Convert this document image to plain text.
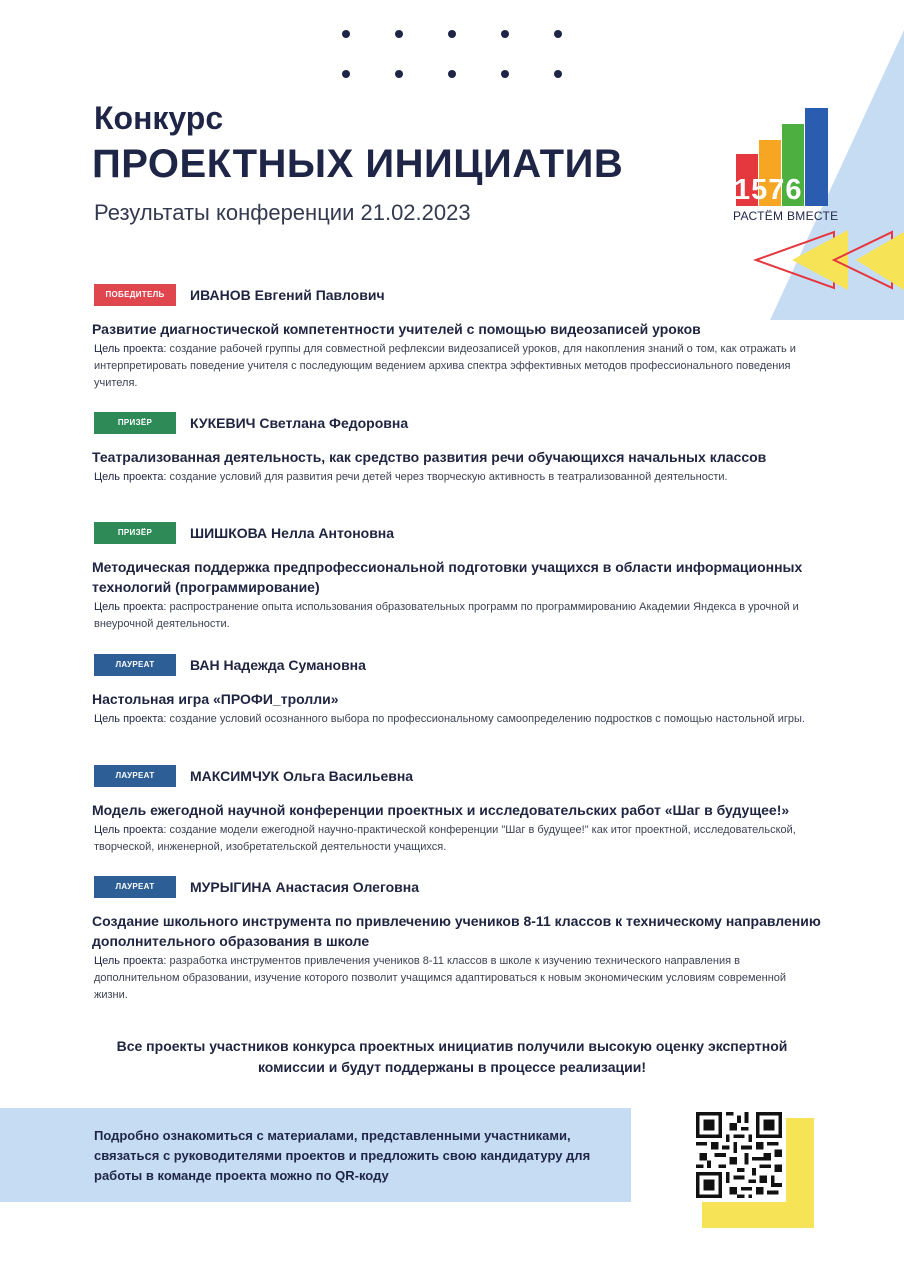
Конкурс
ПРОЕКТНЫХ ИНИЦИАТИВ
Результаты конференции 21.02.2023
1576
РАСТЁМ ВМЕСТЕ
ПОБЕДИТЕЛЬ ИВАНОВ Евгений Павлович
Развитие диагностической компетентности учителей с помощью видеозаписей уроков
Цель проекта: создание рабочей группы для совместной рефлексии видеозаписей уроков, для накопления знаний о том, как отражать и интерпретировать поведение учителя с последующим ведением архива спектра эффективных методов профессионального поведения учителя.
ПРИЗЁР	КУКЕВИЧ Светлана Федоровна
Театрализованная деятельность, как средство развития речи обучающихся начальных классов
Цель проекта: создание условий для развития речи детей через творческую активность в театрализованной деятельности.
ПРИЗЁР	ШИШКОВА Нелла Антоновна
Методическая поддержка предпрофессиональной подготовки учащихся в области информационных технологий (программирование)
Цель проекта: распространение опыта использования образовательных программ по программированию Академии Яндекса в урочной и внеурочной деятельности.
ЛАУРЕАТ	ВАН Надежда Сумановна
Настольная игра «ПРОФИ_тролли»
Цель проекта: создание условий осознанного выбора по профессиональному самоопределению подростков с помощью настольной игры.
ЛАУРЕАТ	МАКСИМЧУК Ольга Васильевна
Модель ежегодной научной конференции проектных и исследовательских работ «Шаг в будущее!»
Цель проекта: создание модели ежегодной научно-практической конференции "Шаг в будущее!" как итог проектной, исследовательской, творческой, инженерной, изобретательской деятельности учащихся.
ЛАУРЕАТ	МУРЫГИНА Анастасия Олеговна
Создание школьного инструмента по привлечению учеников 8-11 классов к техническому направлению дополнительного образования в школе
Цель проекта: разработка инструментов привлечения учеников 8-11 классов в школе к изучению технического направления в дополнительном образовании, изучение которого позволит учащимся адаптироваться к новым экономическим условиям современной жизни.
Все проекты участников конкурса проектных инициатив получили высокую оценку экспертной комиссии и будут поддержаны в процессе реализации!
Подробно ознакомиться с материалами, представленными участниками, связаться с руководителями проектов и предложить свою кандидатуру для работы в команде проекта можно по QR-коду
